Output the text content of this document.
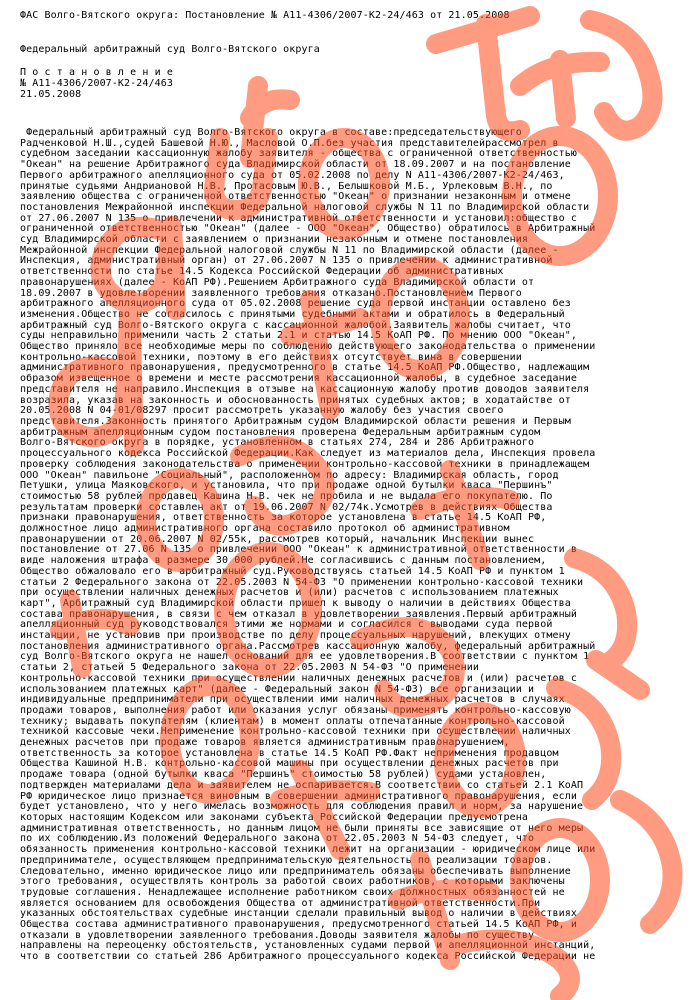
ФАС Волго-Вятского округа: Постановление № А11-4306/2007-К2-24/463 от 21.05.2008

Федеральный арбитражный суд Волго-Вятского округа

П о с т а н о в л е н и е

№ А11-4306/2007-К2-24/463

21.05.2008

Федеральный арбитражный суд Волго-Вятского округа в составе:председательствующего
Радченковой Н.Ш.,судей Башевой Н.Ю., Масловой О.П.без участия представителейрассмотрел в
судебном заседании кассационную жалобу заявителя - общества с ограниченной ответственностью
"Океан" на решение Арбитражного суда Владимирской области от 18.09.2007 и на постановление
Первого арбитражного апелляционного суда от 05.02.2008 по делу N А11-4306/2007-К2-24/463,
принятые судьями Андриановой Н.В., Протасовым Ю.В., Белышковой М.Б., Урлековым В.Н., по
заявлению общества с ограниченной ответственностью "Океан" о признании незаконным и отмене
постановления Межрайонной инспекции Федеральной налоговой службы N 11 по Владимирской области
от 27.06.2007 N 135 о привлечении к административной ответственности и установил:общество с
ограниченной ответственностью "Океан" (далее - ООО "Океан", Общество) обратилось в Арбитражный
суд Владимирской области с заявлением о признании незаконным и отмене постановления
Межрайонной инспекции Федеральной налоговой службы N 11 по Владимирской области (далее -
Инспекция, административный орган) от 27.06.2007 N 135 о привлечении к административной
ответственности по статье 14.5 Кодекса Российской Федерации об административных
правонарушениях (далее - КоАП РФ).Решением Арбитражного суда Владимирской области от
18.09.2007 в удовлетворении заявленного требования отказано.Постановлением Первого
арбитражного апелляционного суда от 05.02.2008 решение суда первой инстанции оставлено без
изменения.Общество не согласилось с принятыми судебными актами и обратилось в Федеральный
арбитражный суд Волго-Вятского округа с кассационной жалобой.Заявитель жалобы считает, что
суды неправильно применили часть 2 статьи 2.1 и статью 14.5 КоАП РФ. По мнению ООО "Океан",
Общество приняло все необходимые меры по соблюдению действующего законодательства о применении
контрольно-кассовой техники, поэтому в его действиях отсутствует вина в совершении
административного правонарушения, предусмотренного в статье 14.5 КоАП РФ.Общество, надлежащим
образом извещенное о времени и месте рассмотрения кассационной жалобы, в судебное заседание
представителя не направило.Инспекция в отзыве на кассационную жалобу против доводов заявителя
возразила, указав на законность и обоснованность принятых судебных актов; в ходатайстве от
20.05.2008 N 04-01/08297 просит рассмотреть указанную жалобу без участия своего
представителя.Законность принятого Арбитражным судом Владимирской области решения и Первым
арбитражным апелляционным судом постановления проверена Федеральным арбитражным судом
Волго-Вятского округа в порядке, установленном в статьях 274, 284 и 286 Арбитражного
процессуального кодекса Российской Федерации.Как следует из материалов дела, Инспекция провела
проверку соблюдения законодательства о применении контрольно-кассовой техники в принадлежащем
ООО "Океан" павильоне "Социальный", расположенном по адресу: Владимирская область, город
Петушки, улица Маяковского, и установила, что при продаже одной бутылки кваса "Першинъ"
стоимостью 58 рублей продавец Кашина Н.В. чек не пробила и не выдала его покупателю. По
результатам проверки составлен акт от 19.06.2007 N 02/74к.Усмотрев в действиях Общества
признаки правонарушения, ответственность за которое установлена в статье 14.5 КоАП РФ,
должностное лицо административного органа составило протокол об административном
правонарушении от 20.06.2007 N 02/55к, рассмотрев который, начальник Инспекции вынес
постановление от 27.06 N 135 о привлечении ООО "Океан" к административной ответственности в
виде наложения штрафа в размере 30 000 рублей.Не согласившись с данным постановлением,
Общество обжаловало его в арбитражный суд.Руководствуясь статьей 14.5 КоАП РФ и пунктом 1
статьи 2 Федерального закона от 22.05.2003 N 54-ФЗ "О применении контрольно-кассовой техники
при осуществлении наличных денежных расчетов и (или) расчетов с использованием платежных
карт", Арбитражный суд Владимирской области пришел к выводу о наличии в действиях Общества
состава правонарушения, в связи с чем отказал в удовлетворении заявления.Первый арбитражный
апелляционный суд руководствовался этими же нормами и согласился с выводами суда первой
инстанции, не установив при производстве по делу процессуальных нарушений, влекущих отмену
постановления административного органа.Рассмотрев кассационную жалобу, федеральный арбитражный
суд Волго-Вятского округа не нашел оснований для ее удовлетворения.В соответствии с пунктом 1
статьи 2, статьей 5 Федерального закона от 22.05.2003 N 54-ФЗ "О применении
контрольно-кассовой техники при осуществлении наличных денежных расчетов и (или) расчетов с
использованием платежных карт" (далее - Федеральный закон N 54-ФЗ) все организации и
индивидуальные предприниматели при осуществлении ими наличных денежных расчетов в случаях
продажи товаров, выполнения работ или оказания услуг обязаны применять контрольно-кассовую
технику; выдавать покупателям (клиентам) в момент оплаты отпечатанные контрольно-кассовой
техникой кассовые чеки.Неприменение контрольно-кассовой техники при осуществлении наличных
денежных расчетов при продаже товаров является административным правонарушением,
ответственность за которое установлена в статье 14.5 КоАП РФ.Факт неприменения продавцом
Общества Кашиной Н.В. контрольно-кассовой машины при осуществлении денежных расчетов при
продаже товара (одной бутылки кваса "Першинъ" стоимостью 58 рублей) судами установлен,
подтвержден материалами дела и заявителем не оспаривается.В соответствии со статьей 2.1 КоАП
РФ юридическое лицо признается виновным в совершении административного правонарушения, если
будет установлено, что у него имелась возможность для соблюдения правил и норм, за нарушение
которых настоящим Кодексом или законами субъекта Российской Федерации предусмотрена
административная ответственность, но данным лицом не были приняты все зависящие от него меры
по их соблюдению.Из положений Федерального закона от 22.05.2003 N 54-ФЗ следует, что
обязанность применения контрольно-кассовой техники лежит на организации - юридическом лице или
предпринимателе, осуществляющем предпринимательскую деятельность по реализации товаров.
Следовательно, именно юридическое лицо или предприниматель обязаны обеспечивать выполнение
этого требования, осуществлять контроль за работой своих работников, с которыми заключены
трудовые соглашения. Ненадлежащее исполнение работником своих должностных обязанностей не
является основанием для освобождения Общества от административной ответственности.При
указанных обстоятельствах судебные инстанции сделали правильный вывод о наличии в действиях
Общества состава административного правонарушения, предусмотренного статьей 14.5 КоАП РФ, и
отказали в удовлетворении заявленного требования.Доводы заявителя жалобы по существу
направлены на переоценку обстоятельств, установленных судами первой и апелляционной инстанций,
что в соответствии со статьей 286 Арбитражного процессуального кодекса Российской Федерации не
